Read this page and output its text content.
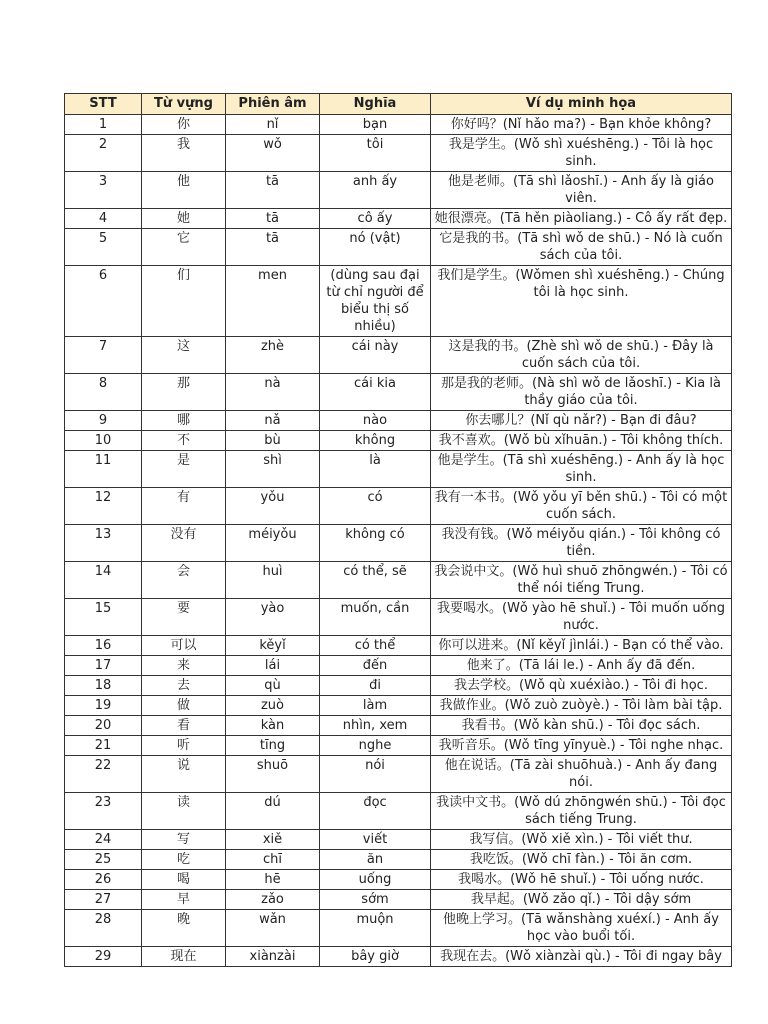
STT	Từ vựng	Phiên âm	Nghĩa	Ví dụ minh họa
1	你	nǐ	bạn	你好吗？(Nǐ hǎo ma?) - Bạn khỏe không?
2	我	wǒ	tôi	我是学生。(Wǒ shì xuéshēng.) - Tôi là học sinh.
3	他	tā	anh ấy	他是老师。(Tā shì lǎoshī.) - Anh ấy là giáo viên.
4	她	tā	cô ấy	她很漂亮。(Tā hěn piàoliang.) - Cô ấy rất đẹp.
5	它	tā	nó (vật)	它是我的书。(Tā shì wǒ de shū.) - Nó là cuốn sách của tôi.
6	们	men	(dùng sau đại từ chỉ người để biểu thị số nhiều)	我们是学生。(Wǒmen shì xuéshēng.) - Chúng tôi là học sinh.
7	这	zhè	cái này	这是我的书。(Zhè shì wǒ de shū.) - Đây là cuốn sách của tôi.
8	那	nà	cái kia	那是我的老师。(Nà shì wǒ de lǎoshī.) - Kia là thầy giáo của tôi.
9	哪	nǎ	nào	你去哪儿？(Nǐ qù nǎr?) - Bạn đi đâu?
10	不	bù	không	我不喜欢。(Wǒ bù xǐhuān.) - Tôi không thích.
11	是	shì	là	他是学生。(Tā shì xuéshēng.) - Anh ấy là học sinh.
12	有	yǒu	có	我有一本书。(Wǒ yǒu yī běn shū.) - Tôi có một cuốn sách.
13	没有	méiyǒu	không có	我没有钱。(Wǒ méiyǒu qián.) - Tôi không có tiền.
14	会	huì	có thể, sẽ	我会说中文。(Wǒ huì shuō zhōngwén.) - Tôi có thể nói tiếng Trung.
15	要	yào	muốn, cần	我要喝水。(Wǒ yào hē shuǐ.) - Tôi muốn uống nước.
16	可以	kěyǐ	có thể	你可以进来。(Nǐ kěyǐ jìnlái.) - Bạn có thể vào.
17	来	lái	đến	他来了。(Tā lái le.) - Anh ấy đã đến.
18	去	qù	đi	我去学校。(Wǒ qù xuéxiào.) - Tôi đi học.
19	做	zuò	làm	我做作业。(Wǒ zuò zuòyè.) - Tôi làm bài tập.
20	看	kàn	nhìn, xem	我看书。(Wǒ kàn shū.) - Tôi đọc sách.
21	听	tīng	nghe	我听音乐。(Wǒ tīng yīnyuè.) - Tôi nghe nhạc.
22	说	shuō	nói	他在说话。(Tā zài shuōhuà.) - Anh ấy đang nói.
23	读	dú	đọc	我读中文书。(Wǒ dú zhōngwén shū.) - Tôi đọc sách tiếng Trung.
24	写	xiě	viết	我写信。(Wǒ xiě xìn.) - Tôi viết thư.
25	吃	chī	ăn	我吃饭。(Wǒ chī fàn.) - Tôi ăn cơm.
26	喝	hē	uống	我喝水。(Wǒ hē shuǐ.) - Tôi uống nước.
27	早	zǎo	sớm	我早起。(Wǒ zǎo qǐ.) - Tôi dậy sớm
28	晚	wǎn	muộn	他晚上学习。(Tā wǎnshàng xuéxí.) - Anh ấy học vào buổi tối.
29	现在	xiànzài	bây giờ	我现在去。(Wǒ xiànzài qù.) - Tôi đi ngay bây
